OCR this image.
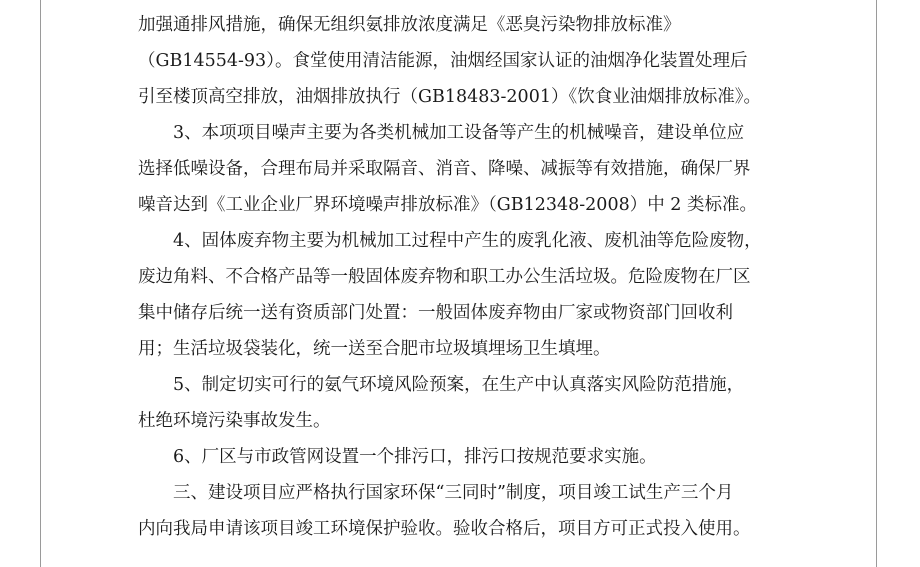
加强通排风措施，确保无组织氨排放浓度满足《恶臭污染物排放标准》

（GB14554-93）。食堂使用清洁能源，油烟经国家认证的油烟净化装置处理后

引至楼顶高空排放，油烟排放执行（GB18483-2001）《饮食业油烟排放标准》。

3、本项项目噪声主要为各类机械加工设备等产生的机械噪音，建设单位应

选择低噪设备，合理布局并采取隔音、消音、降噪、减振等有效措施，确保厂界

噪音达到《工业企业厂界环境噪声排放标准》（GB12348-2008）中 2 类标准。

4、固体废弃物主要为机械加工过程中产生的废乳化液、废机油等危险废物，

废边角料、不合格产品等一般固体废弃物和职工办公生活垃圾。危险废物在厂区

集中储存后统一送有资质部门处置：一般固体废弃物由厂家或物资部门回收利

用；生活垃圾袋装化，统一送至合肥市垃圾填埋场卫生填埋。

5、制定切实可行的氨气环境风险预案，在生产中认真落实风险防范措施，

杜绝环境污染事故发生。

6、厂区与市政管网设置一个排污口，排污口按规范要求实施。

三、建设项目应严格执行国家环保“三同时”制度，项目竣工试生产三个月

内向我局申请该项目竣工环境保护验收。验收合格后，项目方可正式投入使用。
